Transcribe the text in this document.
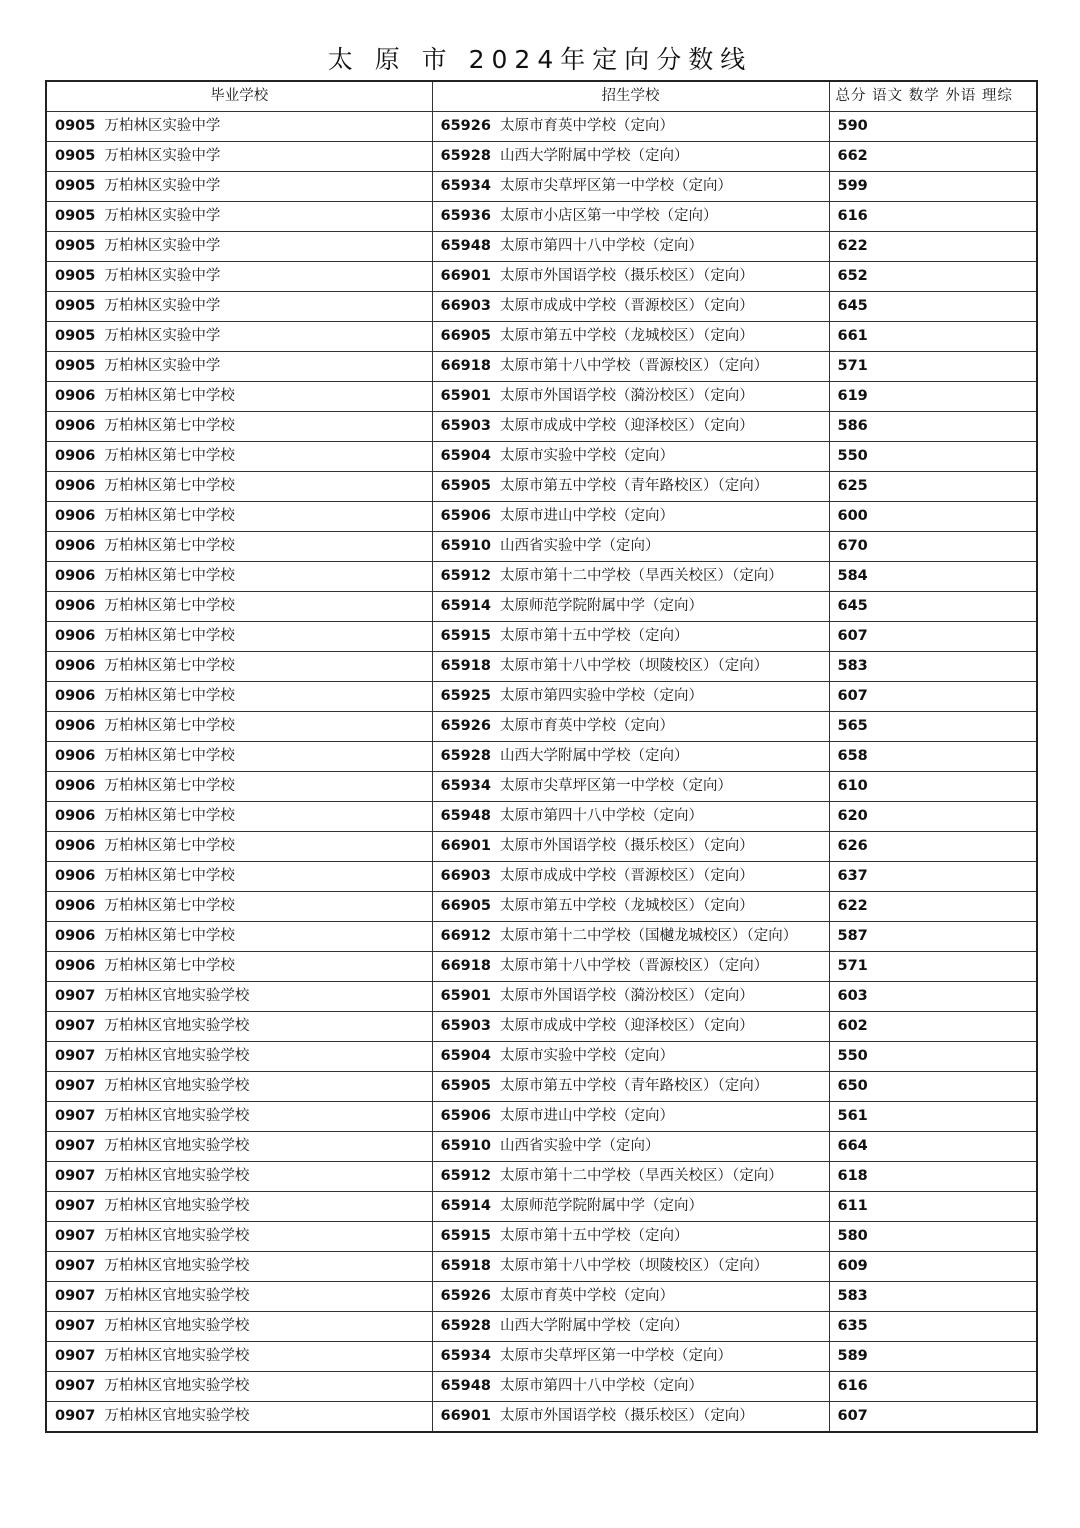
太 原 市 2024年定向分数线
毕业学校	招生学校	总分 语文 数学 外语 理综
0905 万柏林区实验中学	65926 太原市育英中学校（定向）	590
0905 万柏林区实验中学	65928 山西大学附属中学校（定向）	662
0905 万柏林区实验中学	65934 太原市尖草坪区第一中学校（定向）	599
0905 万柏林区实验中学	65936 太原市小店区第一中学校（定向）	616
0905 万柏林区实验中学	65948 太原市第四十八中学校（定向）	622
0905 万柏林区实验中学	66901 太原市外国语学校（摄乐校区）（定向）	652
0905 万柏林区实验中学	66903 太原市成成中学校（晋源校区）（定向）	645
0905 万柏林区实验中学	66905 太原市第五中学校（龙城校区）（定向）	661
0905 万柏林区实验中学	66918 太原市第十八中学校（晋源校区）（定向）	571
0906 万柏林区第七中学校	65901 太原市外国语学校（漪汾校区）（定向）	619
0906 万柏林区第七中学校	65903 太原市成成中学校（迎泽校区）（定向）	586
0906 万柏林区第七中学校	65904 太原市实验中学校（定向）	550
0906 万柏林区第七中学校	65905 太原市第五中学校（青年路校区）（定向）	625
0906 万柏林区第七中学校	65906 太原市进山中学校（定向）	600
0906 万柏林区第七中学校	65910 山西省实验中学（定向）	670
0906 万柏林区第七中学校	65912 太原市第十二中学校（旱西关校区）（定向）	584
0906 万柏林区第七中学校	65914 太原师范学院附属中学（定向）	645
0906 万柏林区第七中学校	65915 太原市第十五中学校（定向）	607
0906 万柏林区第七中学校	65918 太原市第十八中学校（坝陵校区）（定向）	583
0906 万柏林区第七中学校	65925 太原市第四实验中学校（定向）	607
0906 万柏林区第七中学校	65926 太原市育英中学校（定向）	565
0906 万柏林区第七中学校	65928 山西大学附属中学校（定向）	658
0906 万柏林区第七中学校	65934 太原市尖草坪区第一中学校（定向）	610
0906 万柏林区第七中学校	65948 太原市第四十八中学校（定向）	620
0906 万柏林区第七中学校	66901 太原市外国语学校（摄乐校区）（定向）	626
0906 万柏林区第七中学校	66903 太原市成成中学校（晋源校区）（定向）	637
0906 万柏林区第七中学校	66905 太原市第五中学校（龙城校区）（定向）	622
0906 万柏林区第七中学校	66912 太原市第十二中学校（国樾龙城校区）（定向）	587
0906 万柏林区第七中学校	66918 太原市第十八中学校（晋源校区）（定向）	571
0907 万柏林区官地实验学校	65901 太原市外国语学校（漪汾校区）（定向）	603
0907 万柏林区官地实验学校	65903 太原市成成中学校（迎泽校区）（定向）	602
0907 万柏林区官地实验学校	65904 太原市实验中学校（定向）	550
0907 万柏林区官地实验学校	65905 太原市第五中学校（青年路校区）（定向）	650
0907 万柏林区官地实验学校	65906 太原市进山中学校（定向）	561
0907 万柏林区官地实验学校	65910 山西省实验中学（定向）	664
0907 万柏林区官地实验学校	65912 太原市第十二中学校（旱西关校区）（定向）	618
0907 万柏林区官地实验学校	65914 太原师范学院附属中学（定向）	611
0907 万柏林区官地实验学校	65915 太原市第十五中学校（定向）	580
0907 万柏林区官地实验学校	65918 太原市第十八中学校（坝陵校区）（定向）	609
0907 万柏林区官地实验学校	65926 太原市育英中学校（定向）	583
0907 万柏林区官地实验学校	65928 山西大学附属中学校（定向）	635
0907 万柏林区官地实验学校	65934 太原市尖草坪区第一中学校（定向）	589
0907 万柏林区官地实验学校	65948 太原市第四十八中学校（定向）	616
0907 万柏林区官地实验学校	66901 太原市外国语学校（摄乐校区）（定向）	607
